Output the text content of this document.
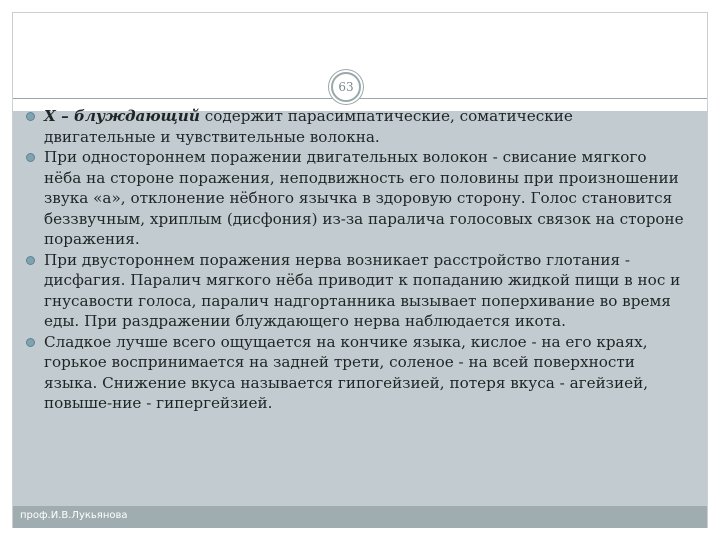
63
X – блуждающий содержит парасимпатические, соматические двигательные и чувствительные волокна.
При одностороннем поражении двигательных волокон - свисание мягкого нёба на стороне поражения, неподвижность его половины при произношении звука «а», отклонение нёбного язычка в здоровую сторону. Голос становится беззвучным, хриплым (дисфония) из-за паралича голосовых связок на стороне поражения.
При двустороннем поражения нерва возникает расстройство глотания - дисфагия. Паралич мягкого нёба приводит к попаданию жидкой пищи в нос и гнусавости голоса, паралич надгортанника вызывает поперхивание во время еды. При раздражении блуждающего нерва наблюдается икота.
Сладкое лучше всего ощущается на кончике языка, кислое - на его краях, горькое воспринимается на задней трети, соленое - на всей поверхности языка. Снижение вкуса называется гипогейзией, потеря вкуса - агейзией, повыше-ние - гипергейзией.
проф.И.В.Лукьянова
